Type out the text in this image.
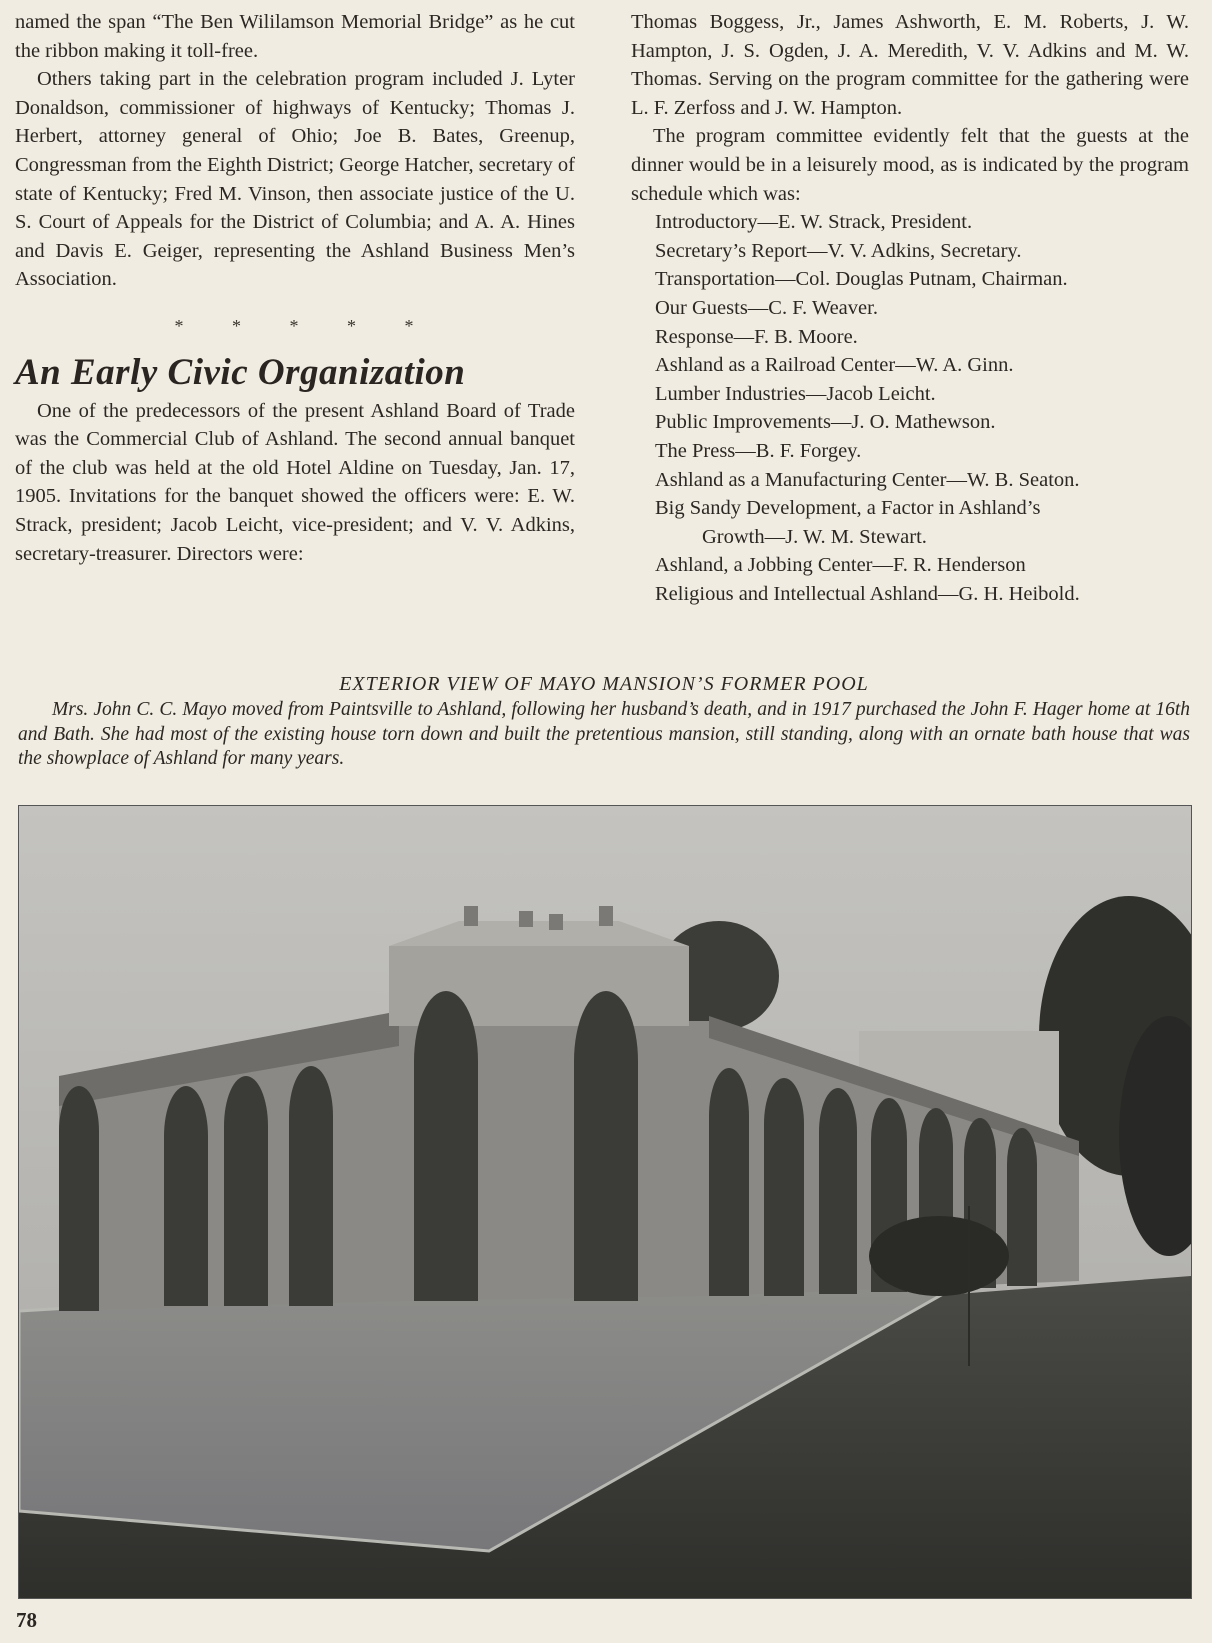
named the span “The Ben Wililamson Memorial Bridge” as he cut the ribbon making it toll-free.

Others taking part in the celebration program included J. Lyter Donaldson, commissioner of highways of Kentucky; Thomas J. Herbert, attorney general of Ohio; Joe B. Bates, Greenup, Congressman from the Eighth District; George Hatcher, secretary of state of Kentucky; Fred M. Vinson, then associate justice of the U. S. Court of Appeals for the District of Columbia; and A. A. Hines and Davis E. Geiger, representing the Ashland Business Men’s Association.

* * * * *
An Early Civic Organization

One of the predecessors of the present Ashland Board of Trade was the Commercial Club of Ashland. The second annual banquet of the club was held at the old Hotel Aldine on Tuesday, Jan. 17, 1905. Invitations for the banquet showed the officers were: E. W. Strack, president; Jacob Leicht, vice-president; and V. V. Adkins, secretary-treasurer. Directors were:

Thomas Boggess, Jr., James Ashworth, E. M. Roberts, J. W. Hampton, J. S. Ogden, J. A. Meredith, V. V. Adkins and M. W. Thomas. Serving on the program committee for the gathering were L. F. Zerfoss and J. W. Hampton.

The program committee evidently felt that the guests at the dinner would be in a leisurely mood, as is indicated by the program schedule which was:

Introductory—E. W. Strack, President.
Secretary’s Report—V. V. Adkins, Secretary.
Transportation—Col. Douglas Putnam, Chairman.
Our Guests—C. F. Weaver.
Response—F. B. Moore.
Ashland as a Railroad Center—W. A. Ginn.
Lumber Industries—Jacob Leicht.
Public Improvements—J. O. Mathewson.
The Press—B. F. Forgey.
Ashland as a Manufacturing Center—W. B. Seaton.
Big Sandy Development, a Factor in Ashland’s
Growth—J. W. M. Stewart.
Ashland, a Jobbing Center—F. R. Henderson
Religious and Intellectual Ashland—G. H. Heibold.
EXTERIOR VIEW OF MAYO MANSION’S FORMER POOL

Mrs. John C. C. Mayo moved from Paintsville to Ashland, following her husband’s death, and in 1917 purchased the John F. Hager home at 16th and Bath. She had most of the existing house torn down and built the pretentious mansion, still standing, along with an ornate bath house that was the showplace of Ashland for many years.

78
